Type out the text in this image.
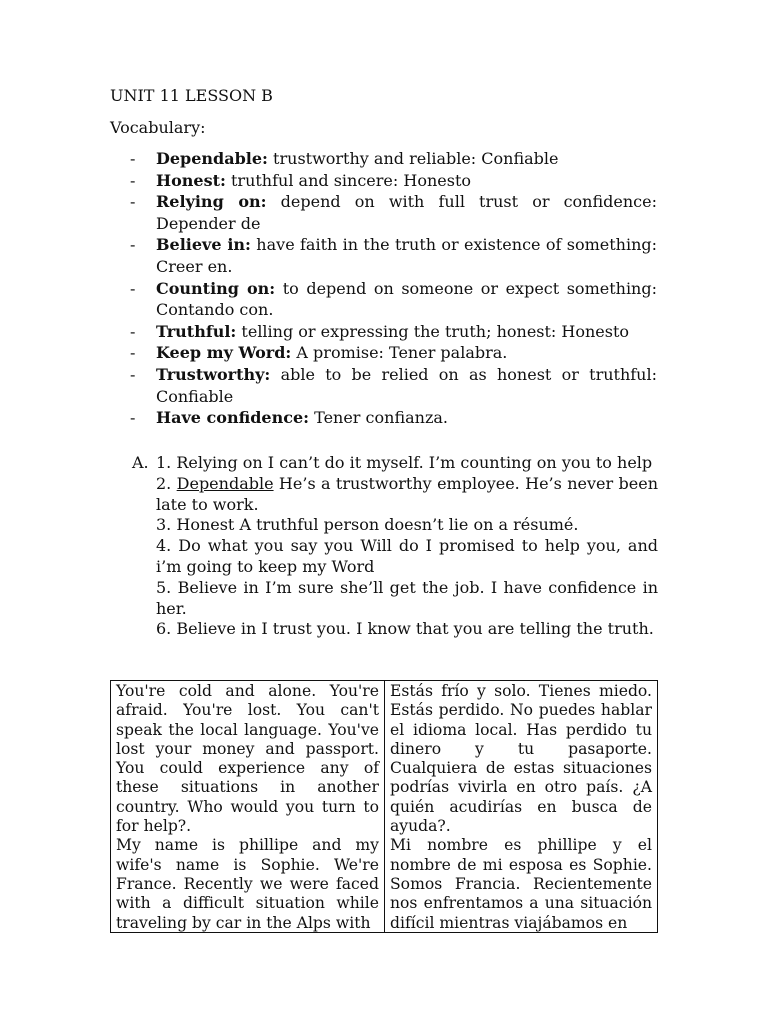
UNIT 11 LESSON B
Vocabulary:
- Dependable: trustworthy and reliable: Confiable
- Honest: truthful and sincere: Honesto
- Relying on: depend on with full trust or confidence: Depender de
- Believe in: have faith in the truth or existence of something: Creer en.
- Counting on: to depend on someone or expect something: Contando con.
- Truthful: telling or expressing the truth; honest: Honesto
- Keep my Word: A promise: Tener palabra.
- Trustworthy: able to be relied on as honest or truthful: Confiable
- Have confidence: Tener confianza.
A. 1. Relying on I can’t do it myself. I’m counting on you to help
2. Dependable He’s a trustworthy employee. He’s never been late to work.
3. Honest A truthful person doesn’t lie on a résumé.
4. Do what you say you Will do I promised to help you, and i’m going to keep my Word
5. Believe in I’m sure she’ll get the job. I have confidence in her.
6. Believe in I trust you. I know that you are telling the truth.

You're cold and alone. You're afraid. You're lost. You can't speak the local language. You've lost your money and passport. You could experience any of these situations in another country. Who would you turn to for help?.

My name is phillipe and my wife's name is Sophie. We're France. Recently we were faced with a difficult situation while traveling by car in the Alps with

Estás frío y solo. Tienes miedo. Estás perdido. No puedes hablar el idioma local. Has perdido tu dinero y tu pasaporte. Cualquiera de estas situaciones podrías vivirla en otro país. ¿A quién acudirías en busca de ayuda?.

Mi nombre es phillipe y el nombre de mi esposa es Sophie. Somos Francia. Recientemente nos enfrentamos a una situación difícil mientras viajábamos en
